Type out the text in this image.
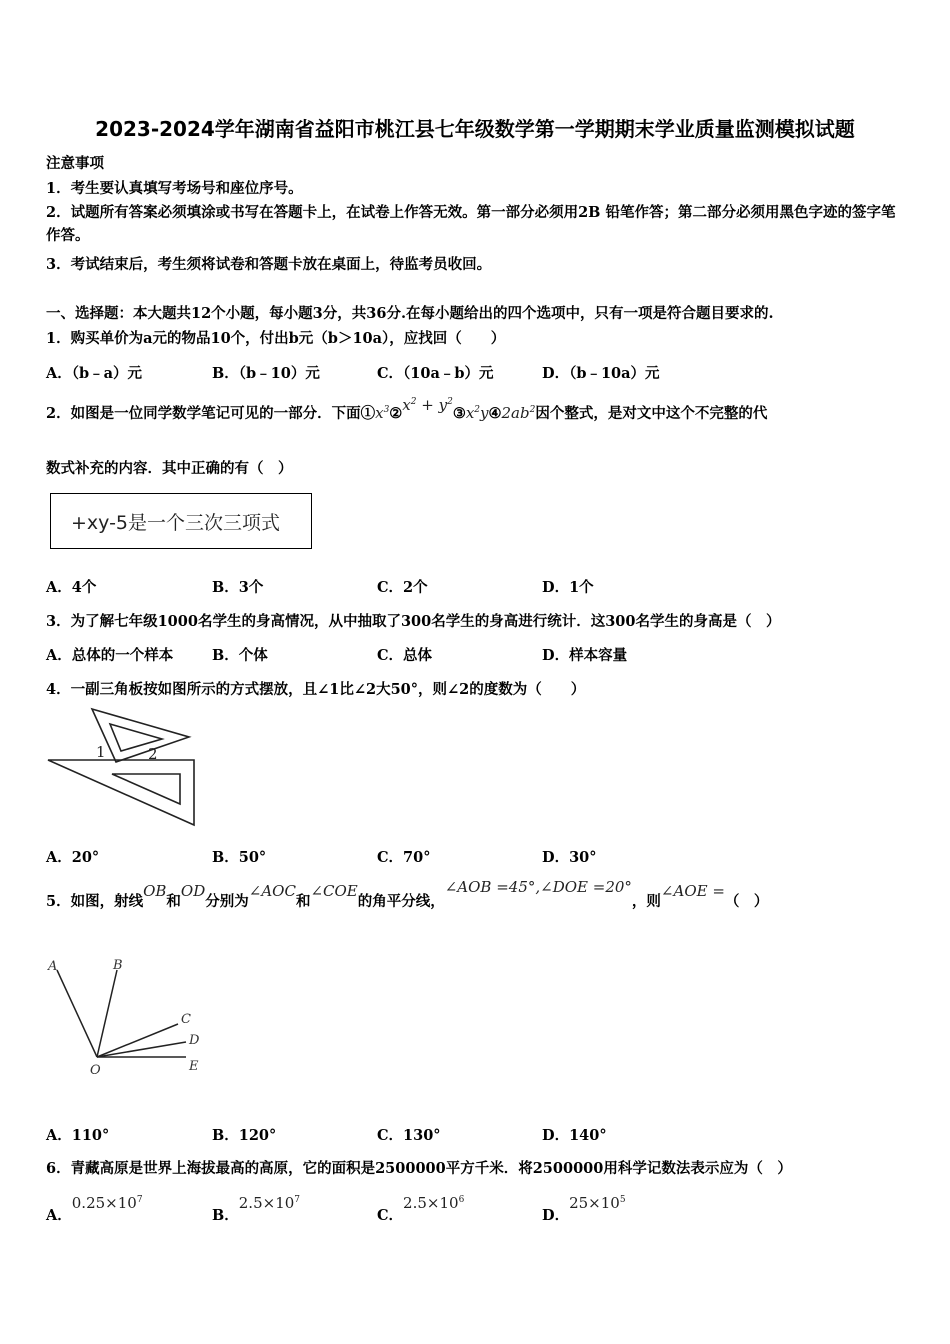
2023-2024学年湖南省益阳市桃江县七年级数学第一学期期末学业质量监测模拟试题
注意事项
1．考生要认真填写考场号和座位序号。
2．试题所有答案必须填涂或书写在答题卡上，在试卷上作答无效。第一部分必须用2B 铅笔作答；第二部分必须用黑色字迹的签字笔作答。
3．考试结束后，考生须将试卷和答题卡放在桌面上，待监考员收回。
一、选择题：本大题共12个小题，每小题3分，共36分.在每小题给出的四个选项中，只有一项是符合题目要求的.
1．购买单价为a元的物品10个，付出b元（b＞10a），应找回（　　）
A．（b﹣a）元	B．（b﹣10）元	C．（10a﹣b）元	D．（b﹣10a）元
2．如图是一位同学数学笔记可见的一部分．下面$①x^3②x^2$ + $y^2③x^2y④2ab^2$因个整式，是对文中这个不完整的代
数式补充的内容．其中正确的有（　）
+xy-5是一个三次三项式
A．4个	B．3个	C．2个	D．1个
3．为了解七年级1000名学生的身高情况，从中抽取了300名学生的身高进行统计．这300名学生的身高是（　）
A．总体的一个样本	B．个体	C．总体	D．样本容量
4．一副三角板按如图所示的方式摆放，且∠1比∠2大50°，则∠2的度数为（　　）
1	2
A．20°	B．50°	C．70°	D．30°
5．如图，射线OB和OD分别为∠AOC和∠COE的角平分线，∠AOB =45°,∠DOE =20°，则∠AOE =（　）
A	B
C
D
E
O
A．110°	B．120°	C．130°	D．140°
6．青藏高原是世界上海拔最高的高原，它的面积是2500000平方千米．将2500000用科学记数法表示应为（　）
A．$0.25\times 10^7$
B．$2.5\times 10^7$
C．$2.5\times 10^6$
D．$25\times 10^5$
